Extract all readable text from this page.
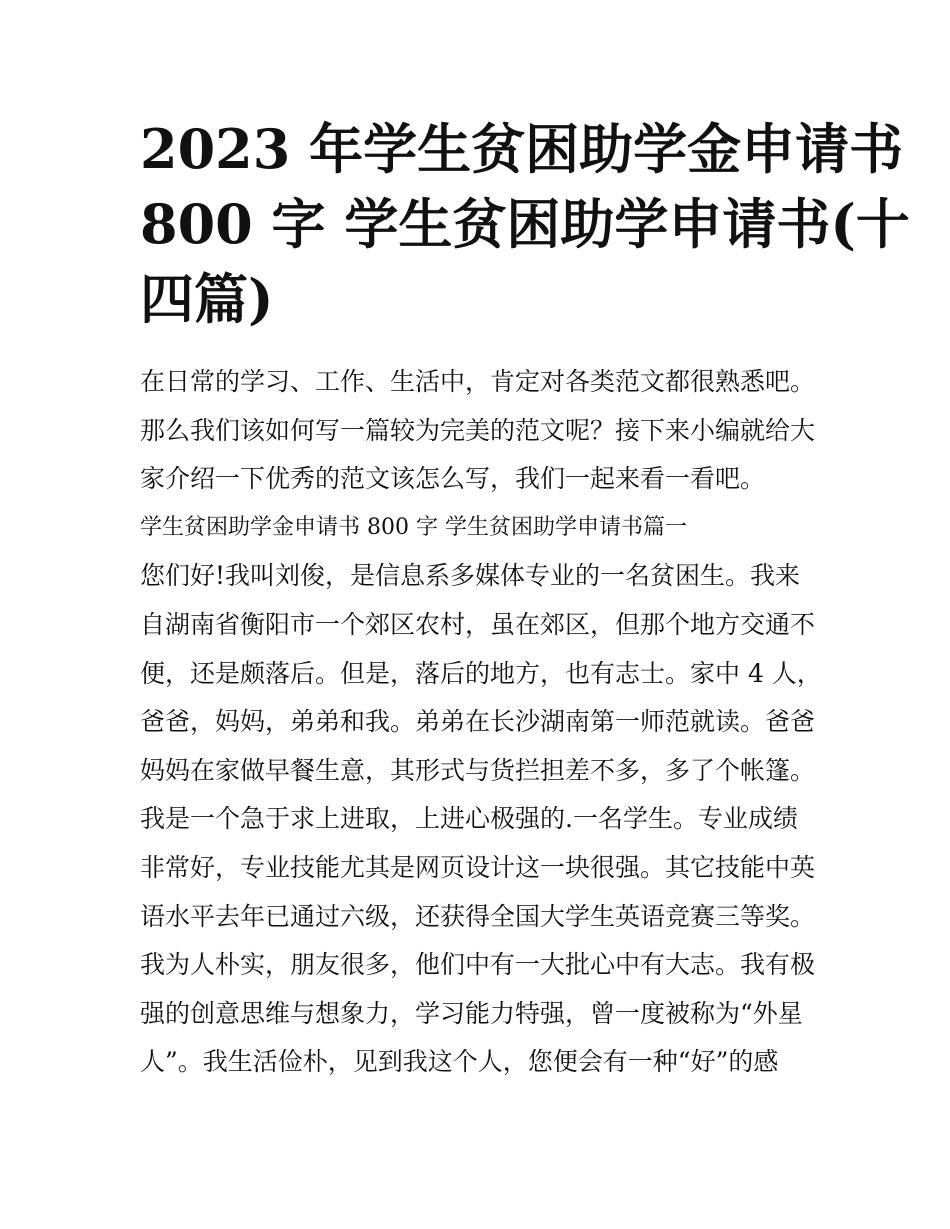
2023 年学生贫困助学金申请书
800 字 学生贫困助学申请书(十
四篇)
在日常的学习、工作、生活中，肯定对各类范文都很熟悉吧。
那么我们该如何写一篇较为完美的范文呢？接下来小编就给大
家介绍一下优秀的范文该怎么写，我们一起来看一看吧。
学生贫困助学金申请书 800 字 学生贫困助学申请书篇一
您们好!我叫刘俊，是信息系多媒体专业的一名贫困生。我来
自湖南省衡阳市一个郊区农村，虽在郊区，但那个地方交通不
便，还是颇落后。但是，落后的地方，也有志士。家中 4 人，
爸爸，妈妈，弟弟和我。弟弟在长沙湖南第一师范就读。爸爸
妈妈在家做早餐生意，其形式与货拦担差不多，多了个帐篷。
我是一个急于求上进取，上进心极强的.一名学生。专业成绩
非常好，专业技能尤其是网页设计这一块很强。其它技能中英
语水平去年已通过六级，还获得全国大学生英语竞赛三等奖。
我为人朴实，朋友很多，他们中有一大批心中有大志。我有极
强的创意思维与想象力，学习能力特强，曾一度被称为“外星
人”。我生活俭朴，见到我这个人，您便会有一种“好”的感
